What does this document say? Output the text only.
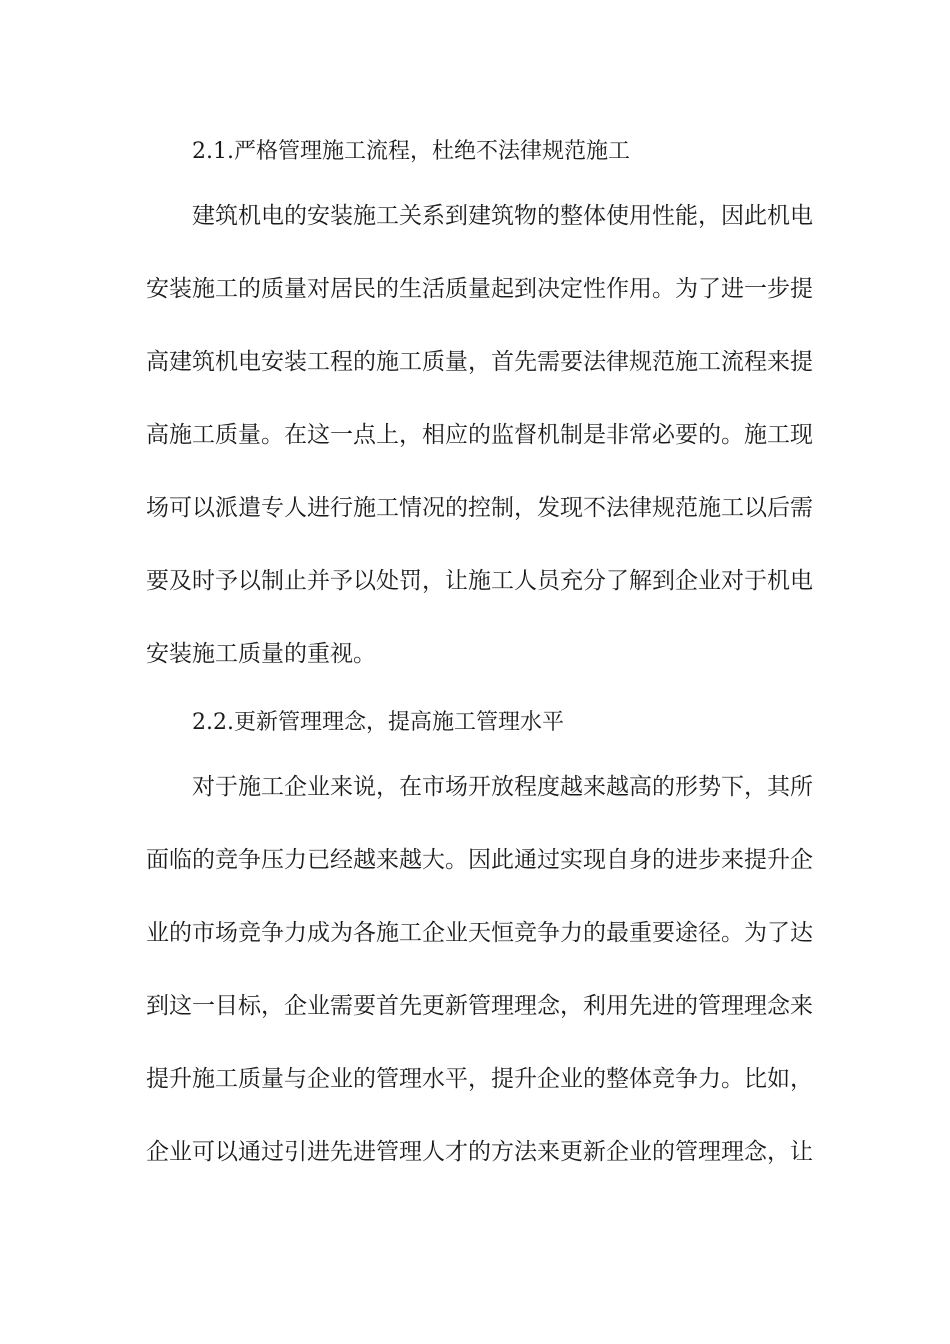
2.1.严格管理施工流程，杜绝不法律规范施工
建筑机电的安装施工关系到建筑物的整体使用性能，因此机电
安装施工的质量对居民的生活质量起到决定性作用。为了进一步提
高建筑机电安装工程的施工质量，首先需要法律规范施工流程来提
高施工质量。在这一点上，相应的监督机制是非常必要的。施工现
场可以派遣专人进行施工情况的控制，发现不法律规范施工以后需
要及时予以制止并予以处罚，让施工人员充分了解到企业对于机电
安装施工质量的重视。
2.2.更新管理理念，提高施工管理水平
对于施工企业来说，在市场开放程度越来越高的形势下，其所
面临的竞争压力已经越来越大。因此通过实现自身的进步来提升企
业的市场竞争力成为各施工企业天恒竞争力的最重要途径。为了达
到这一目标，企业需要首先更新管理理念，利用先进的管理理念来
提升施工质量与企业的管理水平，提升企业的整体竞争力。比如，
企业可以通过引进先进管理人才的方法来更新企业的管理理念，让
